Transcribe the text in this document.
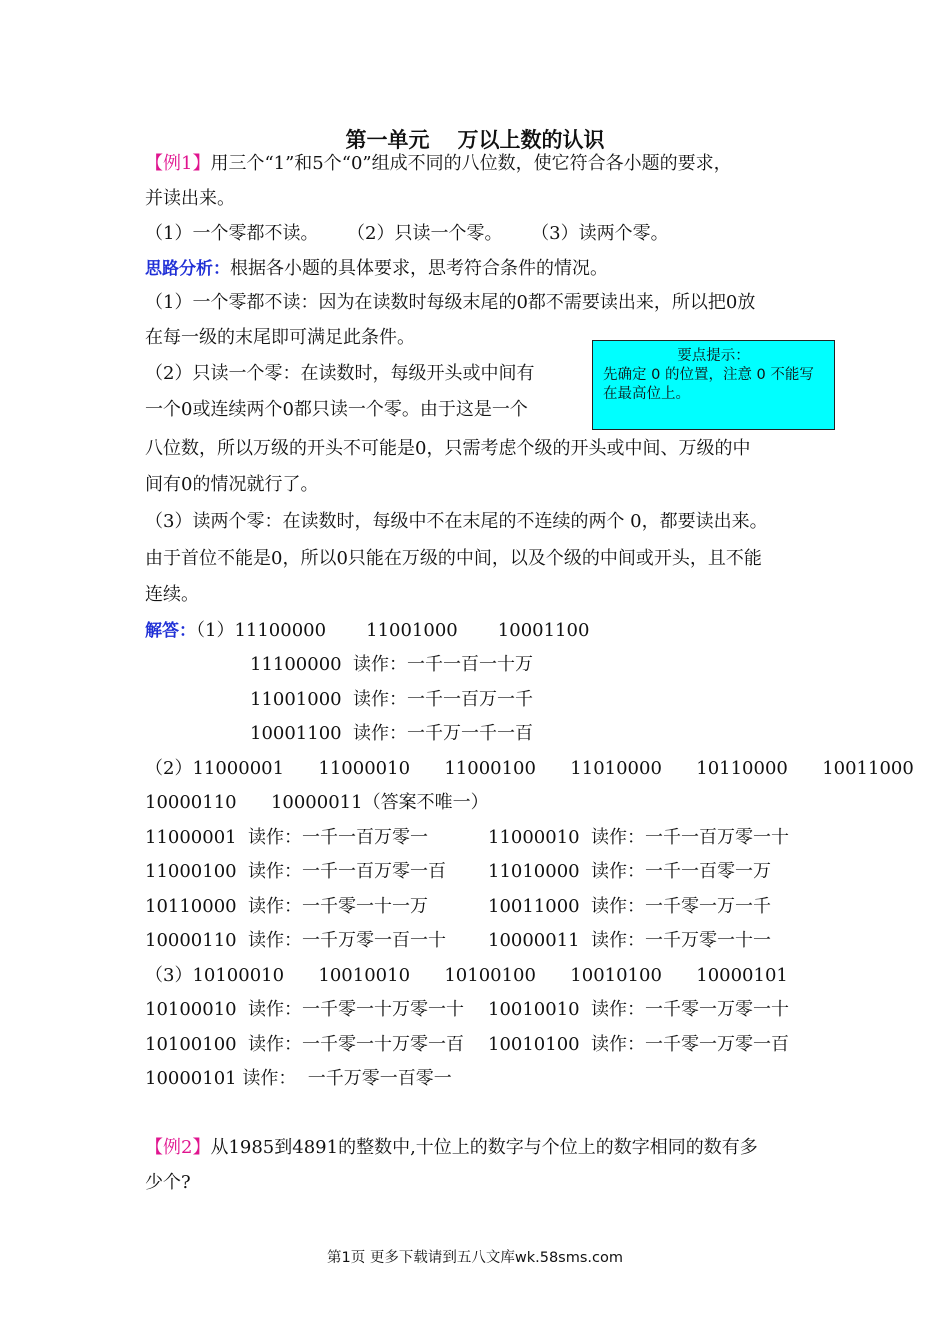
第一单元 万以上数的认识
【例1】用三个“1”和5个“0”组成不同的八位数，使它符合各小题的要求，
并读出来。
（1）一个零都不读。     （2）只读一个零。     （3）读两个零。
思路分析：根据各小题的具体要求，思考符合条件的情况。
（1）一个零都不读：因为在读数时每级末尾的0都不需要读出来，所以把0放
在每一级的末尾即可满足此条件。
（2）只读一个零：在读数时，每级开头或中间有
一个0或连续两个0都只读一个零。由于这是一个
八位数，所以万级的开头不可能是0，只需考虑个级的开头或中间、万级的中
间有0的情况就行了。
（3）读两个零：在读数时，每级中不在末尾的不连续的两个 0，都要读出来。
由于首位不能是0，所以0只能在万级的中间，以及个级的中间或开头，且不能
连续。
要点提示：
先确定 0 的位置，注意 0 不能写在最高位上。
解答：（1）11100000       11001000       10001100
11100000  读作：一千一百一十万
11001000  读作：一千一百万一千
10001100  读作：一千万一千一百
（2）11000001      11000010      11000100      11010000      10110000      10011000
10000110      10000011（答案不唯一）
11000001  读作：一千一百万零一	11000010  读作：一千一百万零一十
11000100  读作：一千一百万零一百 11010000  读作：一千一百零一万
10110000  读作：一千零一十一万	10011000  读作：一千零一万一千
10000110  读作：一千万零一百一十 10000011  读作：一千万零一十一
（3）10100010      10010010      10100100      10010100      10000101
10100010  读作：一千零一十万零一十 10010010  读作：一千零一万零一十
10100100  读作：一千零一十万零一百 10010100  读作：一千零一万零一百
10000101 读作：  一千万零一百零一
【例2】从1985到4891的整数中,十位上的数字与个位上的数字相同的数有多
少个?
第1页 更多下载请到五八文库wk.58sms.com
